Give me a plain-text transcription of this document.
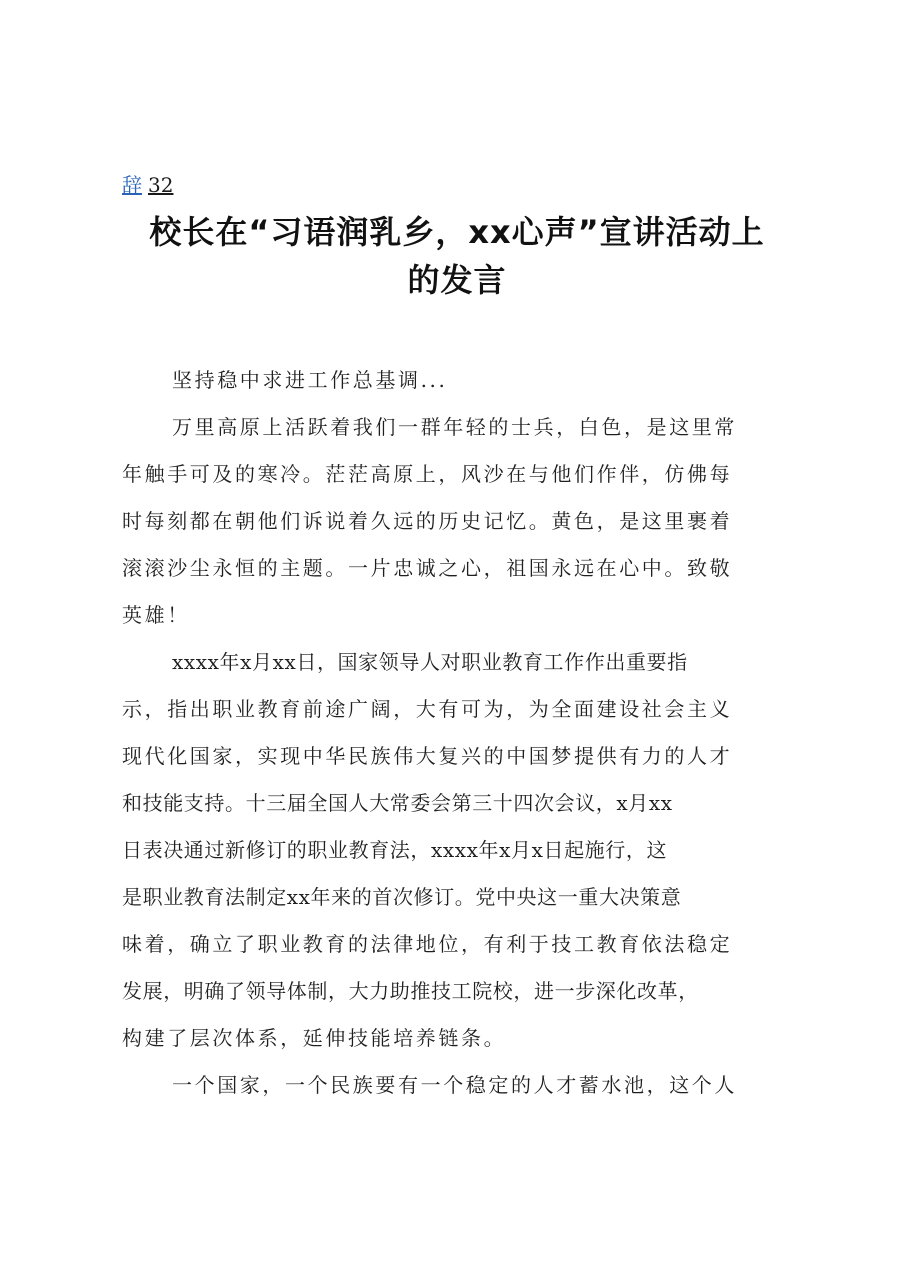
辞 32
校长在“习语润乳乡，xx心声”宣讲活动上
的发言
坚持稳中求进工作总基调...
万里高原上活跃着我们一群年轻的士兵，白色，是这里常
年触手可及的寒冷。茫茫高原上，风沙在与他们作伴，仿佛每
时每刻都在朝他们诉说着久远的历史记忆。黄色，是这里裹着
滚滚沙尘永恒的主题。一片忠诚之心，祖国永远在心中。致敬
英雄！
xxxx年x月xx日，国家领导人对职业教育工作作出重要指
示，指出职业教育前途广阔，大有可为，为全面建设社会主义
现代化国家，实现中华民族伟大复兴的中国梦提供有力的人才
和技能支持。十三届全国人大常委会第三十四次会议，x月xx
日表决通过新修订的职业教育法，xxxx年x月x日起施行，这
是职业教育法制定xx年来的首次修订。党中央这一重大决策意
味着，确立了职业教育的法律地位，有利于技工教育依法稳定
发展，明确了领导体制，大力助推技工院校，进一步深化改革，
构建了层次体系，延伸技能培养链条。
一个国家，一个民族要有一个稳定的人才蓄水池，这个人
